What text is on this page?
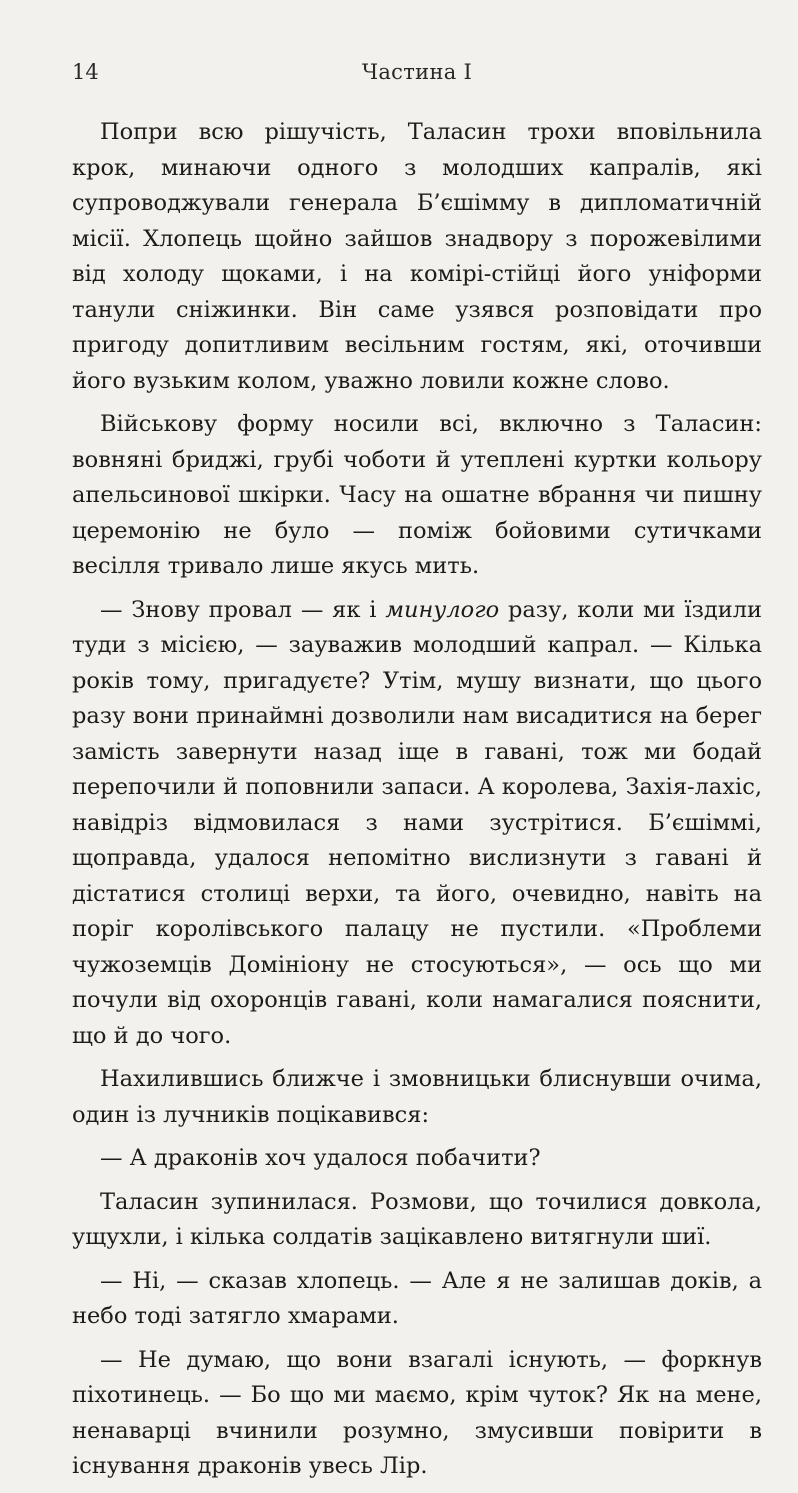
14	Частина І

Попри всю рішучість, Таласин трохи вповільнила крок, минаючи одного з молодших капралів, які супроводжували генерала Б’єшімму в дипломатичній місії. Хлопець щойно зайшов знадвору з порожевілими від холоду щоками, і на комірі-стійці його уніформи танули сніжинки. Він саме узявся розповідати про пригоду допитливим весільним гостям, які, оточивши його вузьким колом, уважно ловили кожне слово.

Військову форму носили всі, включно з Таласин: вовняні бриджі, грубі чоботи й утеплені куртки кольору апельсинової шкірки. Часу на ошатне вбрання чи пишну церемонію не було — поміж бойовими сутичками весілля тривало лише якусь мить.

— Знову провал — як і минулого разу, коли ми їздили туди з місією, — зауважив молодший капрал. — Кілька років тому, пригадуєте? Утім, мушу визнати, що цього разу вони принаймні дозволили нам висадитися на берег замість завернути назад іще в гавані, тож ми бодай перепочили й поповнили запаси. А королева, Захія-лахіс, навідріз відмовилася з нами зустрітися. Б’єшіммі, щоправда, удалося непомітно вислизнути з гавані й дістатися столиці верхи, та його, очевидно, навіть на поріг королівського палацу не пустили. «Проблеми чужоземців Домініону не стосуються», — ось що ми почули від охоронців гавані, коли намагалися пояснити, що й до чого.

Нахилившись ближче і змовницьки блиснувши очима, один із лучників поцікавився:

— А драконів хоч удалося побачити?

Таласин зупинилася. Розмови, що точилися довкола, ущухли, і кілька солдатів зацікавлено витягнули шиї.

— Ні, — сказав хлопець. — Але я не залишав доків, а небо тоді затягло хмарами.

— Не думаю, що вони взагалі існують, — форкнув піхотинець. — Бо що ми маємо, крім чуток? Як на мене, ненаварці вчинили розумно, змусивши повірити в існування драконів увесь Лір.
